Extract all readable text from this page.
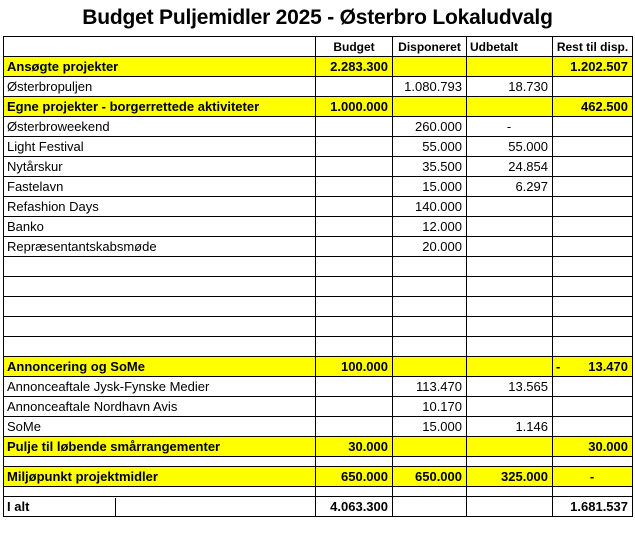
Budget Puljemidler 2025 - Østerbro Lokaludvalg
	Budget	Disponeret	Udbetalt	Rest til disp.
Ansøgte projekter	2.283.300			1.202.507
Østerbropuljen		1.080.793	18.730	
Egne projekter - borgerrettede aktiviteter	1.000.000			462.500
Østerbroweekend		260.000	-	
Light Festival		55.000	55.000	
Nytårskur		35.500	24.854	
Fastelavn		15.000	6.297	
Refashion Days		140.000		
Banko		12.000		
Repræsentantskabsmøde		20.000		

Annoncering og SoMe	100.000			- 13.470
Annonceaftale Jysk-Fynske Medier		113.470	13.565	
Annonceaftale Nordhavn Avis		10.170		
SoMe		15.000	1.146	
Pulje til løbende smårrangementer	30.000			30.000

Miljøpunkt projektmidler	650.000	650.000	325.000	-

I alt	4.063.300			1.681.537
